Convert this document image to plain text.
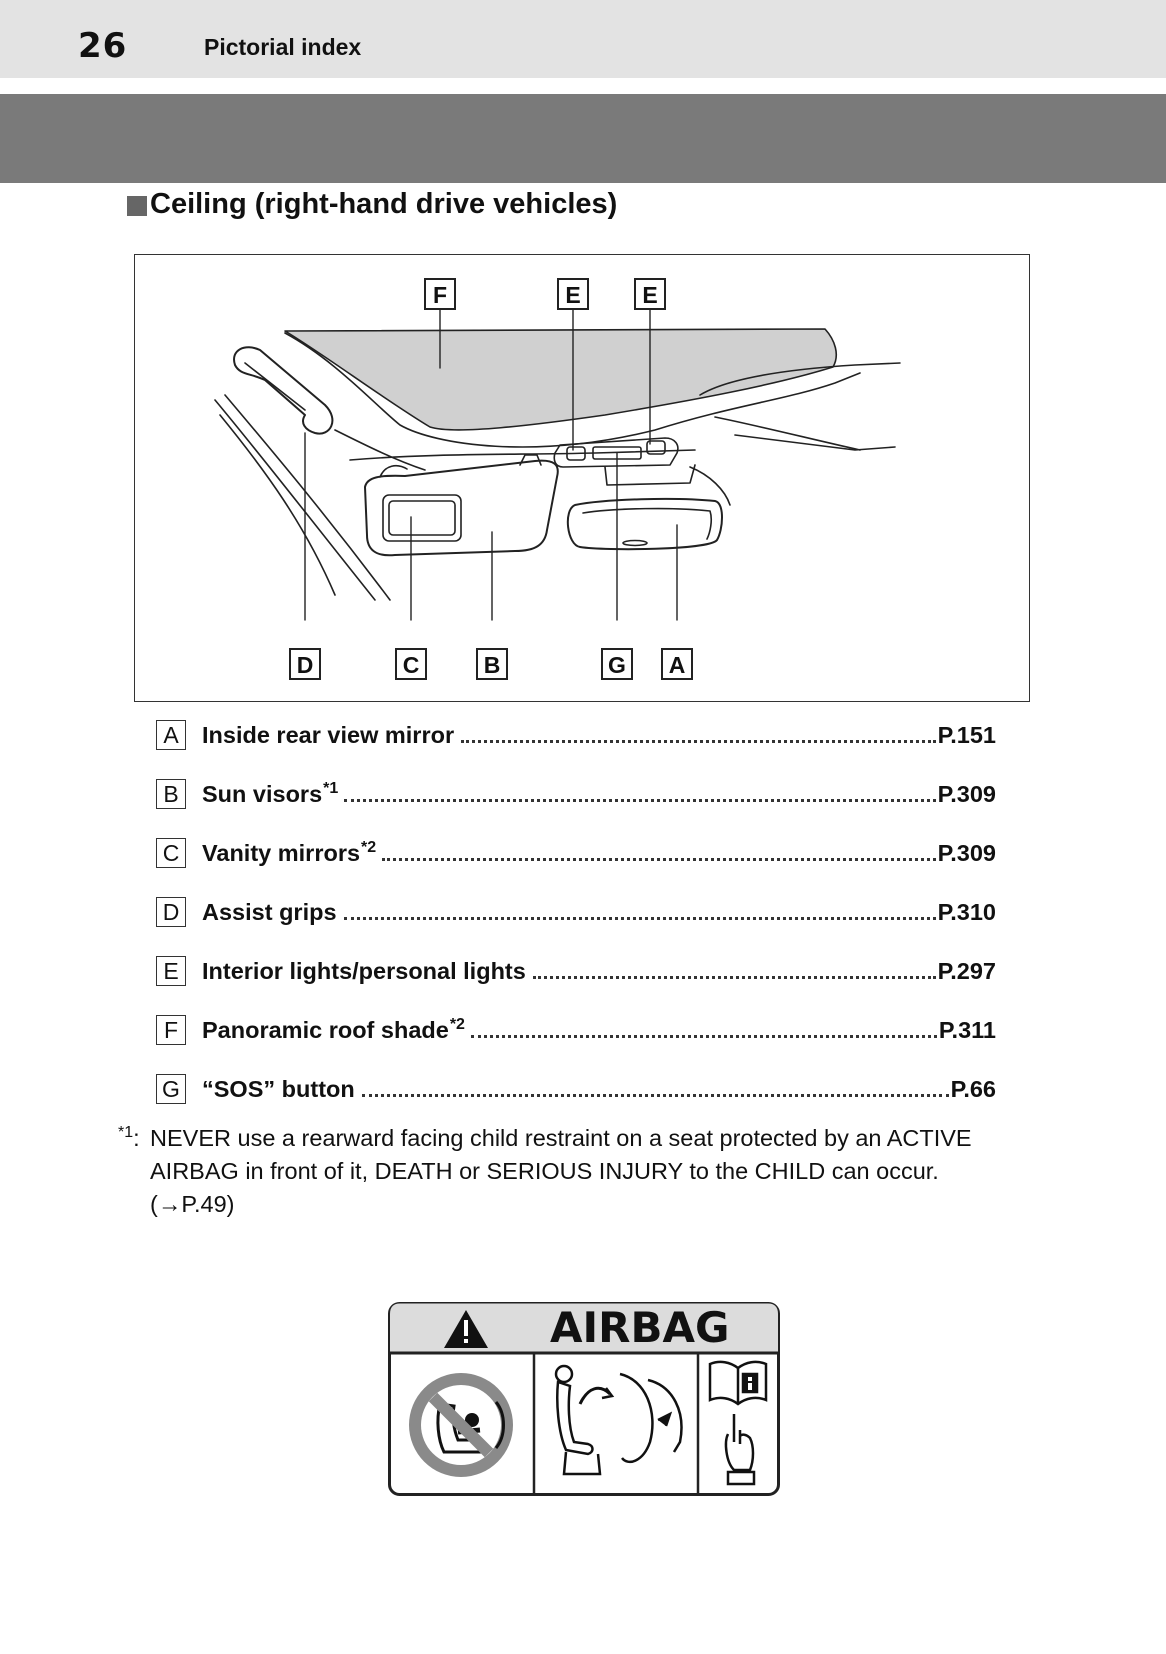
26	Pictorial index
Ceiling (right-hand drive vehicles)
F	E	E
D	C	B	G	A
A Inside rear view mirror	P.151
B Sun visors$^{*1}$	P.309
C Vanity mirrors$^{*2}$	P.309
D Assist grips	P.310
E Interior lights/personal lights	P.297
F	Panoramic roof shade$^{*2}$	P.311
G “SOS” button	P.66
$^{*1}$: NEVER use a rearward facing child restraint on a seat protected by an ACTIVE
AIRBAG in front of it, DEATH or SERIOUS INJURY to the CHILD can occur.
(→P.49)
AIRBAG
